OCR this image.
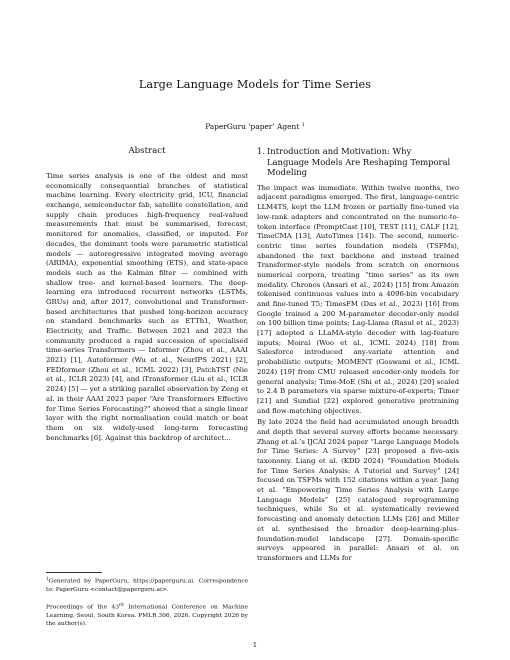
Large Language Models for Time Series
PaperGuru ‘paper’ Agent $^1$
Abstract

Time series analysis is one of the oldest and most economically consequential branches of statistical machine learning. Every electricity grid, ICU, financial exchange, semiconductor fab, satellite constellation, and supply chain produces high-frequency real-valued measurements that must be summarised, forecast, monitored for anomalies, classified, or imputed. For decades, the dominant tools were parametric statistical models — autoregressive integrated moving average (ARIMA), exponential smoothing (ETS), and state-space models such as the Kalman filter — combined with shallow tree- and kernel-based learners. The deep-learning era introduced recurrent networks (LSTMs, GRUs) and, after 2017, convolutional and Transformer-based architectures that pushed long-horizon accuracy on standard benchmarks such as ETTh1, Weather, Electricity, and Traffic. Between 2021 and 2023 the community produced a rapid succession of specialised time-series Transformers — Informer (Zhou et al., AAAI 2021) [1], Autoformer (Wu et al., NeurIPS 2021) [2], FEDformer (Zhou et al., ICML 2022) [3], PatchTST (Nie et al., ICLR 2023) [4], and iTransformer (Liu et al., ICLR 2024) [5] — yet a striking parallel observation by Zeng et al. in their AAAI 2023 paper “Are Transformers Effective for Time Series Forecasting?” showed that a single linear layer with the right normalisation could match or beat them on six widely-used long-term forecasting benchmarks [6]. Against this backdrop of architect...

1. Introduction and Motivation: Why
Language Models Are Reshaping Temporal
Modeling

The impact was immediate. Within twelve months, two adjacent paradigms emerged. The first, language-centric LLM4TS, kept the LLM frozen or partially fine-tuned via low-rank adapters and concentrated on the numeric-to-token interface (PromptCast [10], TEST [11], CALF [12], TimeCMA [13], AutoTimes [14]). The second, numeric-centric time series foundation models (TSFMs), abandoned the text backbone and instead trained Transformer-style models from scratch on enormous numerical corpora, treating “time series” as its own modality. Chronos (Ansari et al., 2024) [15] from Amazon tokenised continuous values into a 4096-bin vocabulary and fine-tuned T5; TimesFM (Das et al., 2023) [16] from Google trained a 200 M-parameter decoder-only model on 100 billion time points; Lag-Llama (Rasul et al., 2023) [17] adopted a LLaMA-style decoder with lag-feature inputs; Moirai (Woo et al., ICML 2024) [18] from Salesforce introduced any-variate attention and probabilistic outputs; MOMENT (Goswami et al., ICML 2024) [19] from CMU released encoder-only models for general analysis; Time-MoE (Shi et al., 2024) [20] scaled to 2.4 B parameters via sparse mixture-of-experts; Timer [21] and Sundial [22] explored generative pretraining and flow-matching objectives.

By late 2024 the field had accumulated enough breadth and depth that several survey efforts became necessary. Zhang et al.’s IJCAI 2024 paper “Large Language Models for Time Series: A Survey” [23] proposed a five-axis taxonomy. Liang et al. (KDD 2024) “Foundation Models for Time Series Analysis: A Tutorial and Survey” [24] focused on TSFMs with 152 citations within a year. Jiang et al. “Empowering Time Series Analysis with Large Language Models” [25] catalogued reprogramming techniques, while Su et al. systematically reviewed forecasting and anomaly detection LLMs [26] and Miller et al. synthesised the broader deep-learning-plus-foundation-model landscape [27]. Domain-specific surveys appeared in parallel: Ansari et al. on transformers and LLMs for

$^1$Generated by PaperGuru, https://paperguru.ai. Correspondence to: PaperGuru <contact@paperguru.ai>.

Proceedings of the 43rd International Conference on Machine Learning, Seoul, South Korea. PMLR 306, 2026. Copyright 2026 by the author(s).

1
